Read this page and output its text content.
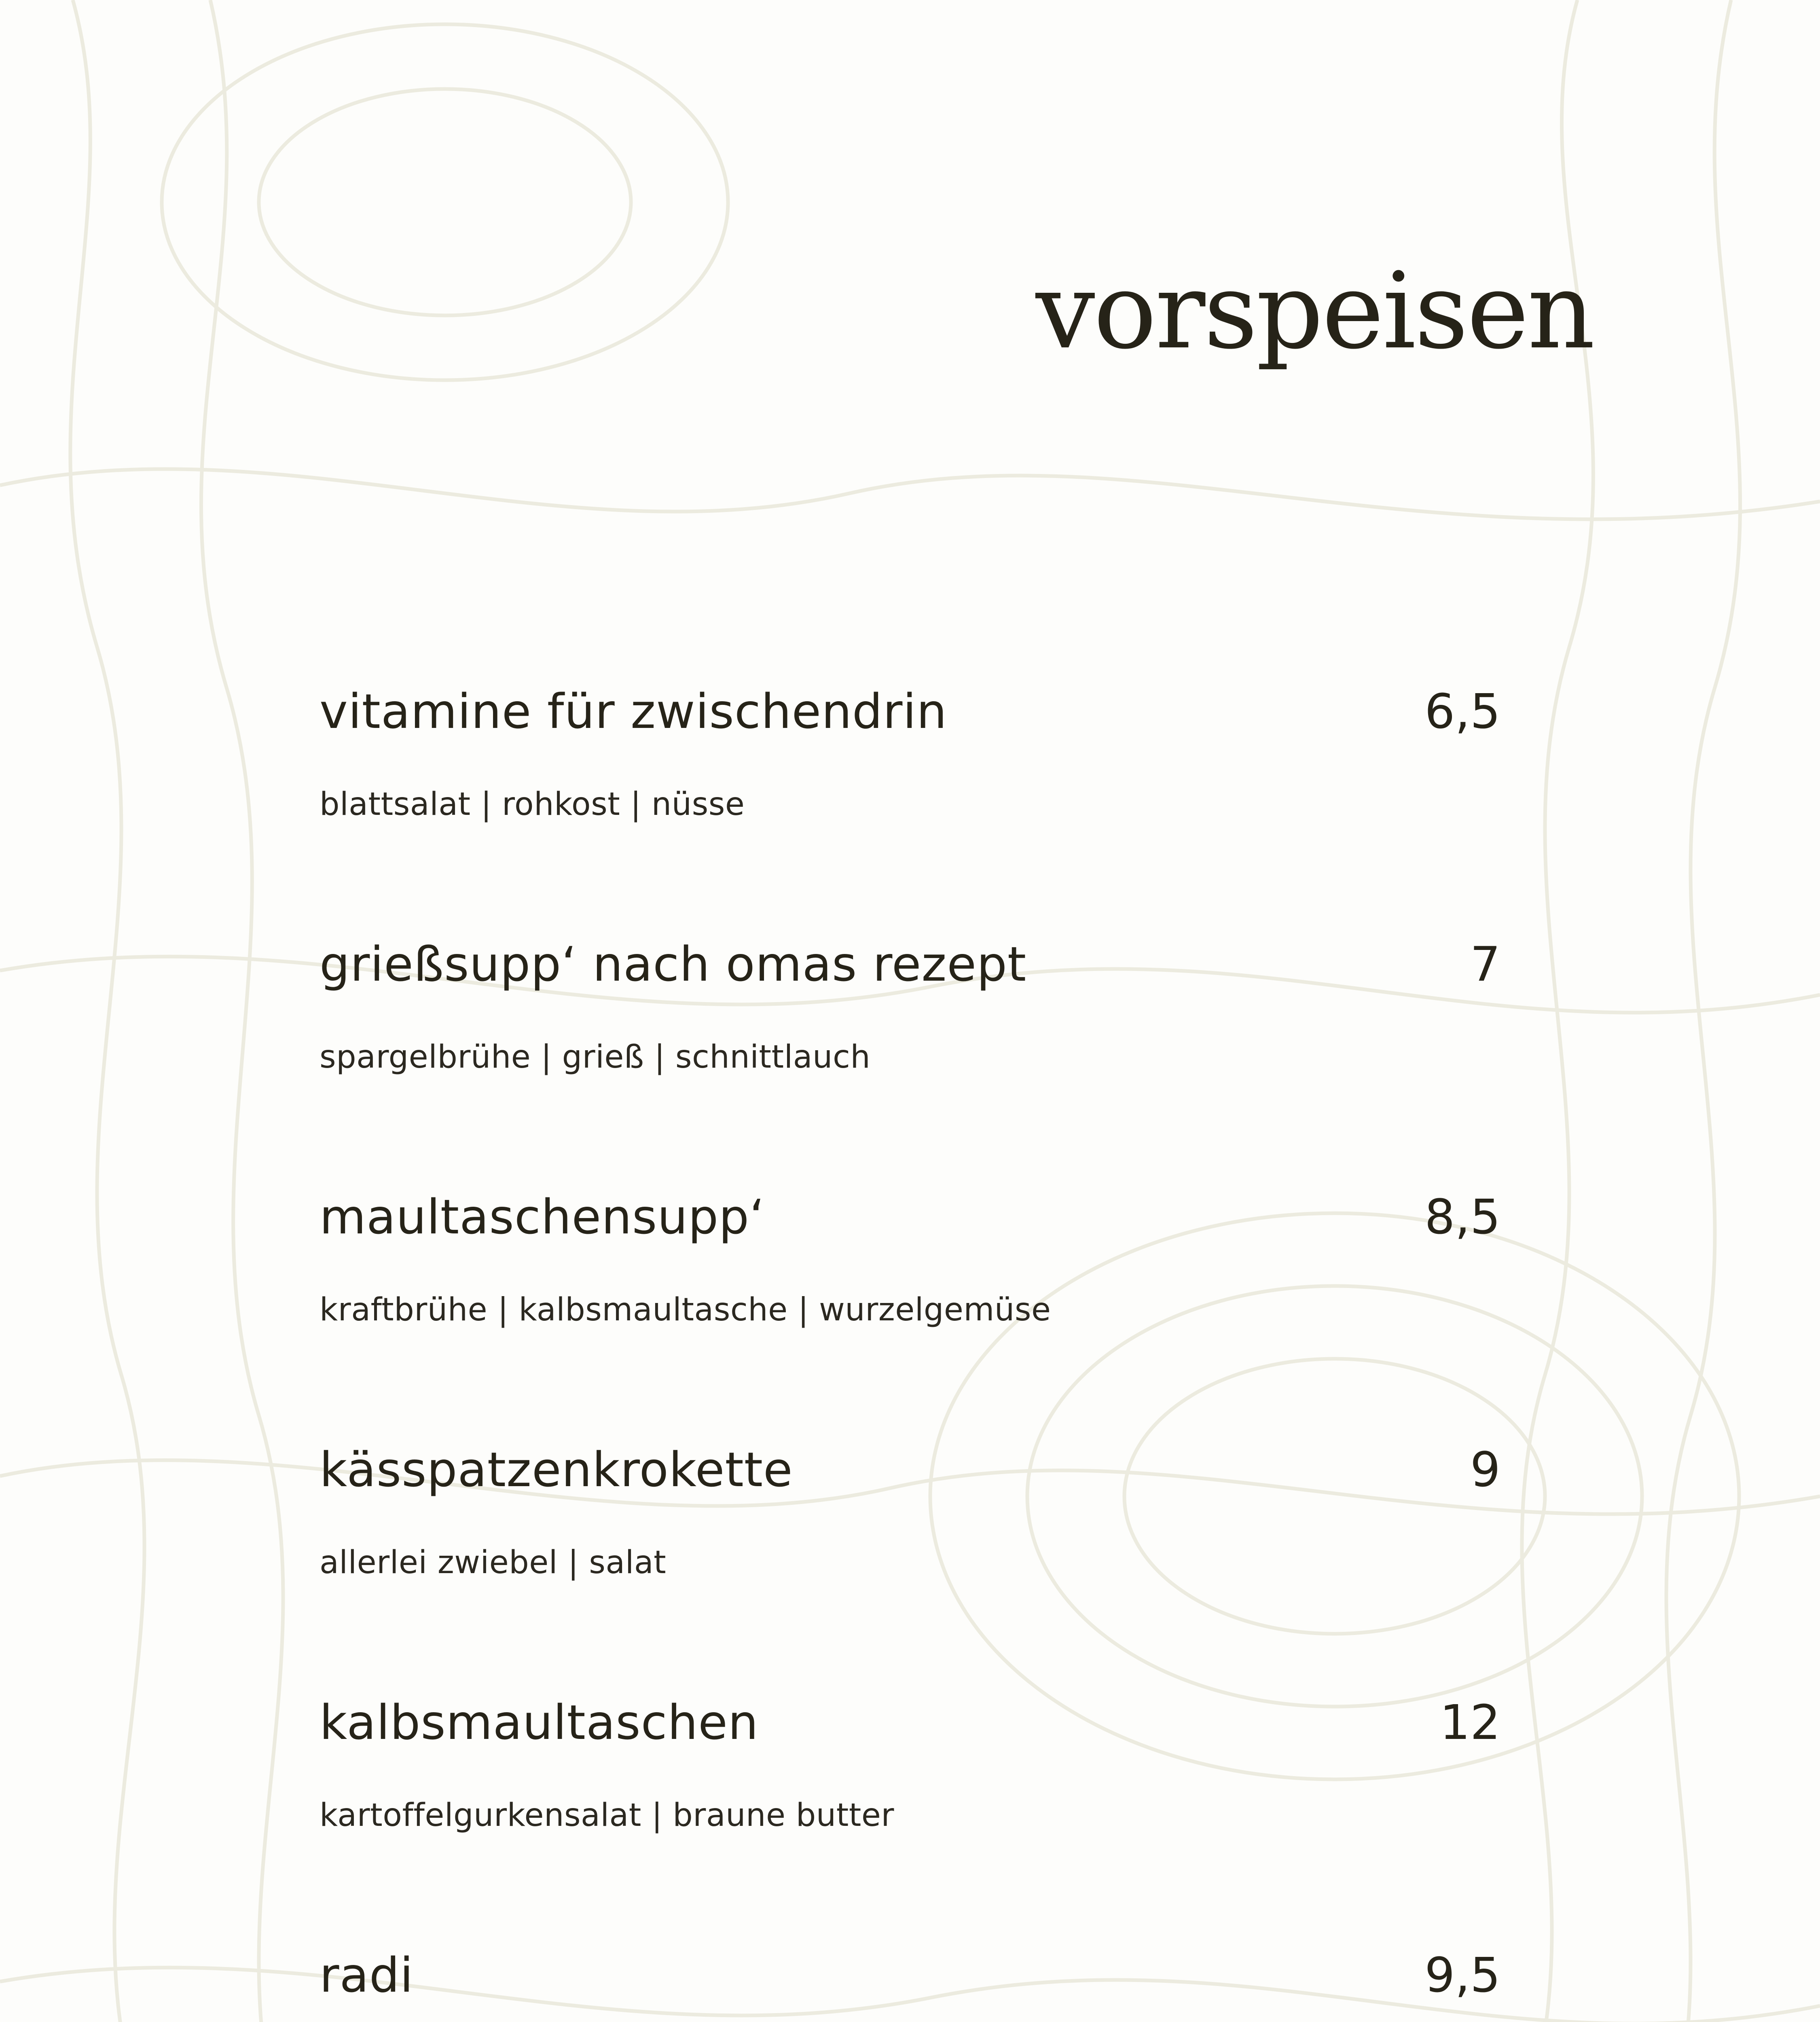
vorspeisen
vitamine für zwischendrin	6,5
blattsalat | rohkost | nüsse
grießsupp‘ nach omas rezept	7
spargelbrühe | grieß | schnittlauch
maultaschensupp‘	8,5
kraftbrühe | kalbsmaultasche | wurzelgemüse
kässpatzenkrokette	9
allerlei zwiebel | salat
kalbsmaultaschen	12
kartoffelgurkensalat | braune butter
radi	9,5
